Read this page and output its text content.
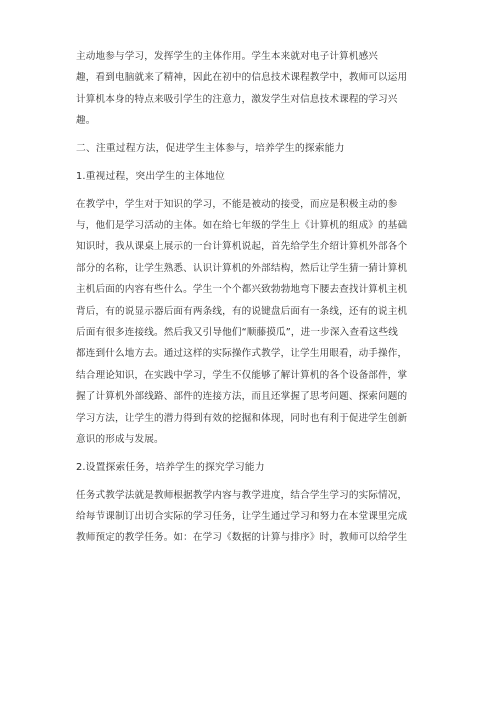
主动地参与学习，发挥学生的主体作用。学生本来就对电子计算机感兴
趣，看到电脑就来了精神，因此在初中的信息技术课程教学中，教师可以运用
计算机本身的特点来吸引学生的注意力，激发学生对信息技术课程的学习兴
趣。

二、注重过程方法，促进学生主体参与，培养学生的探索能力

1.重视过程，突出学生的主体地位

在教学中，学生对于知识的学习，不能是被动的接受，而应是积极主动的参
与，他们是学习活动的主体。如在给七年级的学生上《计算机的组成》的基础
知识时，我从课桌上展示的一台计算机说起，首先给学生介绍计算机外部各个
部分的名称，让学生熟悉、认识计算机的外部结构，然后让学生猜一猜计算机
主机后面的内容有些什么。学生一个个都兴致勃勃地弯下腰去查找计算机主机
背后，有的说显示器后面有两条线，有的说键盘后面有一条线，还有的说主机
后面有很多连接线。然后我又引导他们“顺藤摸瓜”，进一步深入查看这些线
都连到什么地方去。通过这样的实际操作式教学，让学生用眼看，动手操作，
结合理论知识，在实践中学习，学生不仅能够了解计算机的各个设备部件，掌
握了计算机外部线路、部件的连接方法，而且还掌握了思考问题、探索问题的
学习方法，让学生的潜力得到有效的挖掘和体现，同时也有利于促进学生创新
意识的形成与发展。

2.设置探索任务，培养学生的探究学习能力

任务式教学法就是教师根据教学内容与教学进度，结合学生学习的实际情况，
给每节课制订出切合实际的学习任务，让学生通过学习和努力在本堂课里完成
教师预定的教学任务。如：在学习《数据的计算与排序》时，教师可以给学生
